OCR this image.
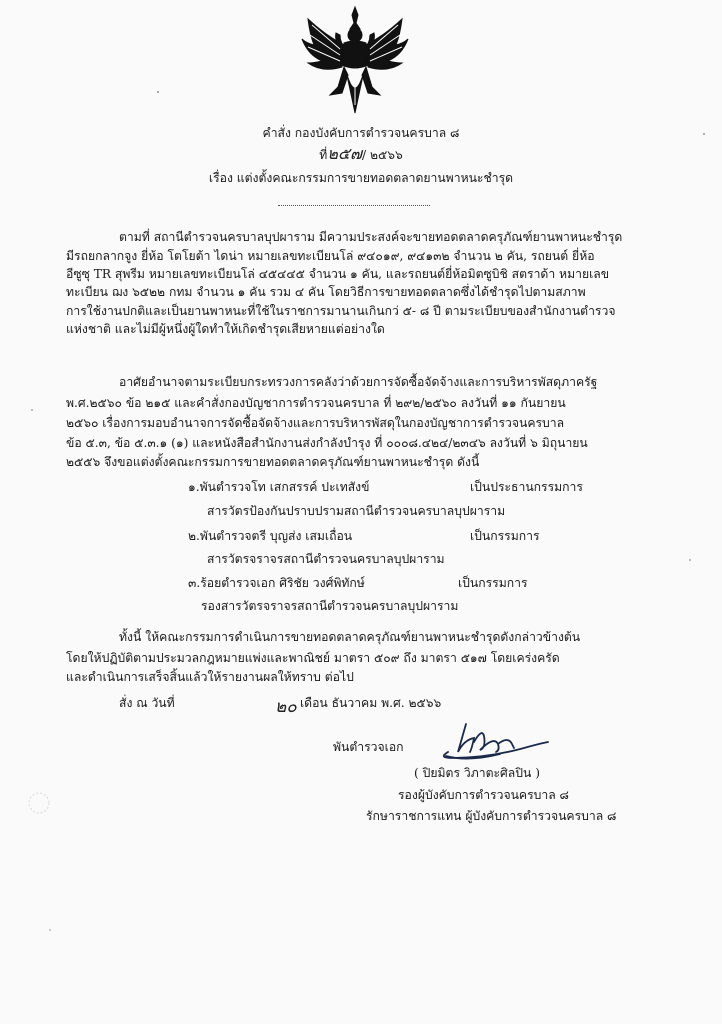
คำสั่ง กองบังคับการตำรวจนครบาล ๘
ที่๒๕๗/ ๒๕๖๖
เรื่อง แต่งตั้งคณะกรรมการขายทอดตลาดยานพาหนะชำรุด
ตามที่ สถานีตำรวจนครบาลบุปผาราม มีความประสงค์จะขายทอดตลาดครุภัณฑ์ยานพาหนะชำรุด
มีรถยกลากจูง ยี่ห้อ โตโยต้า ไดน่า หมายเลขทะเบียนโล่ ๙๔๐๑๙, ๙๔๑๓๒ จำนวน ๒ คัน, รถยนต์ ยี่ห้อ
อีซูซุ TR สุพรีม หมายเลขทะเบียนโล่ ๔๕๔๔๕ จำนวน ๑ คัน, และรถยนต์ยี่ห้อมิตซูบิชิ สตราด้า หมายเลข
ทะเบียน ฌง ๖๕๒๒ กทม จำนวน ๑ คัน รวม ๔ คัน โดยวิธีการขายทอดตลาดซึ่งได้ชำรุดไปตามสภาพ
การใช้งานปกติและเป็นยานพาหนะที่ใช้ในราชการมานานเกินกว่ ๕- ๘ ปี ตามระเบียบของสำนักงานตำรวจ
แห่งชาติ และไม่มีผู้หนึ่งผู้ใดทำให้เกิดชำรุดเสียหายแต่อย่างใด
อาศัยอำนาจตามระเบียบกระทรวงการคลังว่าด้วยการจัดซื้อจัดจ้างและการบริหารพัสดุภาครัฐ
พ.ศ.๒๕๖๐ ข้อ ๒๑๕ และคำสั่งกองบัญชาการตำรวจนครบาล ที่ ๒๙๒/๒๕๖๐ ลงวันที่ ๑๑ กันยายน
๒๕๖๐ เรื่องการมอบอำนาจการจัดซื้อจัดจ้างและการบริหารพัสดุในกองบัญชาการตำรวจนครบาล
ข้อ ๕.๓, ข้อ ๕.๓.๑ (๑) และหนังสือสำนักงานส่งกำลังบำรุง ที่ ๐๐๐๘.๔๒๔/๒๓๔๖ ลงวันที่ ๖ มิถุนายน
๒๕๕๖ จึงขอแต่งตั้งคณะกรรมการขายทอดตลาดครุภัณฑ์ยานพาหนะชำรุด ดังนี้
๑.พันตำรวจโท เสกสรรค์ ปะเทสังข์	เป็นประธานกรรมการ
สารวัตรป้องกันปราบปรามสถานีตำรวจนครบาลบุปผาราม
๒.พันตำรวจตรี บุญส่ง เสมเถื่อน	เป็นกรรมการ
สารวัตรจราจรสถานีตำรวจนครบาลบุปผาราม
๓.ร้อยตำรวจเอก ศิริชัย วงศ์พิทักษ์	เป็นกรรมการ
รองสารวัตรจราจรสถานีตำรวจนครบาลบุปผาราม
ทั้งนี้ ให้คณะกรรมการดำเนินการขายทอดตลาดครุภัณฑ์ยานพาหนะชำรุดดังกล่าวข้างต้น
โดยให้ปฏิบัติตามประมวลกฎหมายแพ่งและพาณิชย์ มาตรา ๕๐๙ ถึง มาตรา ๕๑๗ โดยเคร่งครัด
และดำเนินการเสร็จสิ้นแล้วให้รายงานผลให้ทราบ ต่อไป
สั่ง ณ วันที่	๒๐ เดือน ธันวาคม พ.ศ. ๒๕๖๖
พันตำรวจเอก
( ปิยมิตร วิภาตะศิลปิน )
รองผู้บังคับการตำรวจนครบาล ๘
รักษาราชการแทน ผู้บังคับการตำรวจนครบาล ๘
